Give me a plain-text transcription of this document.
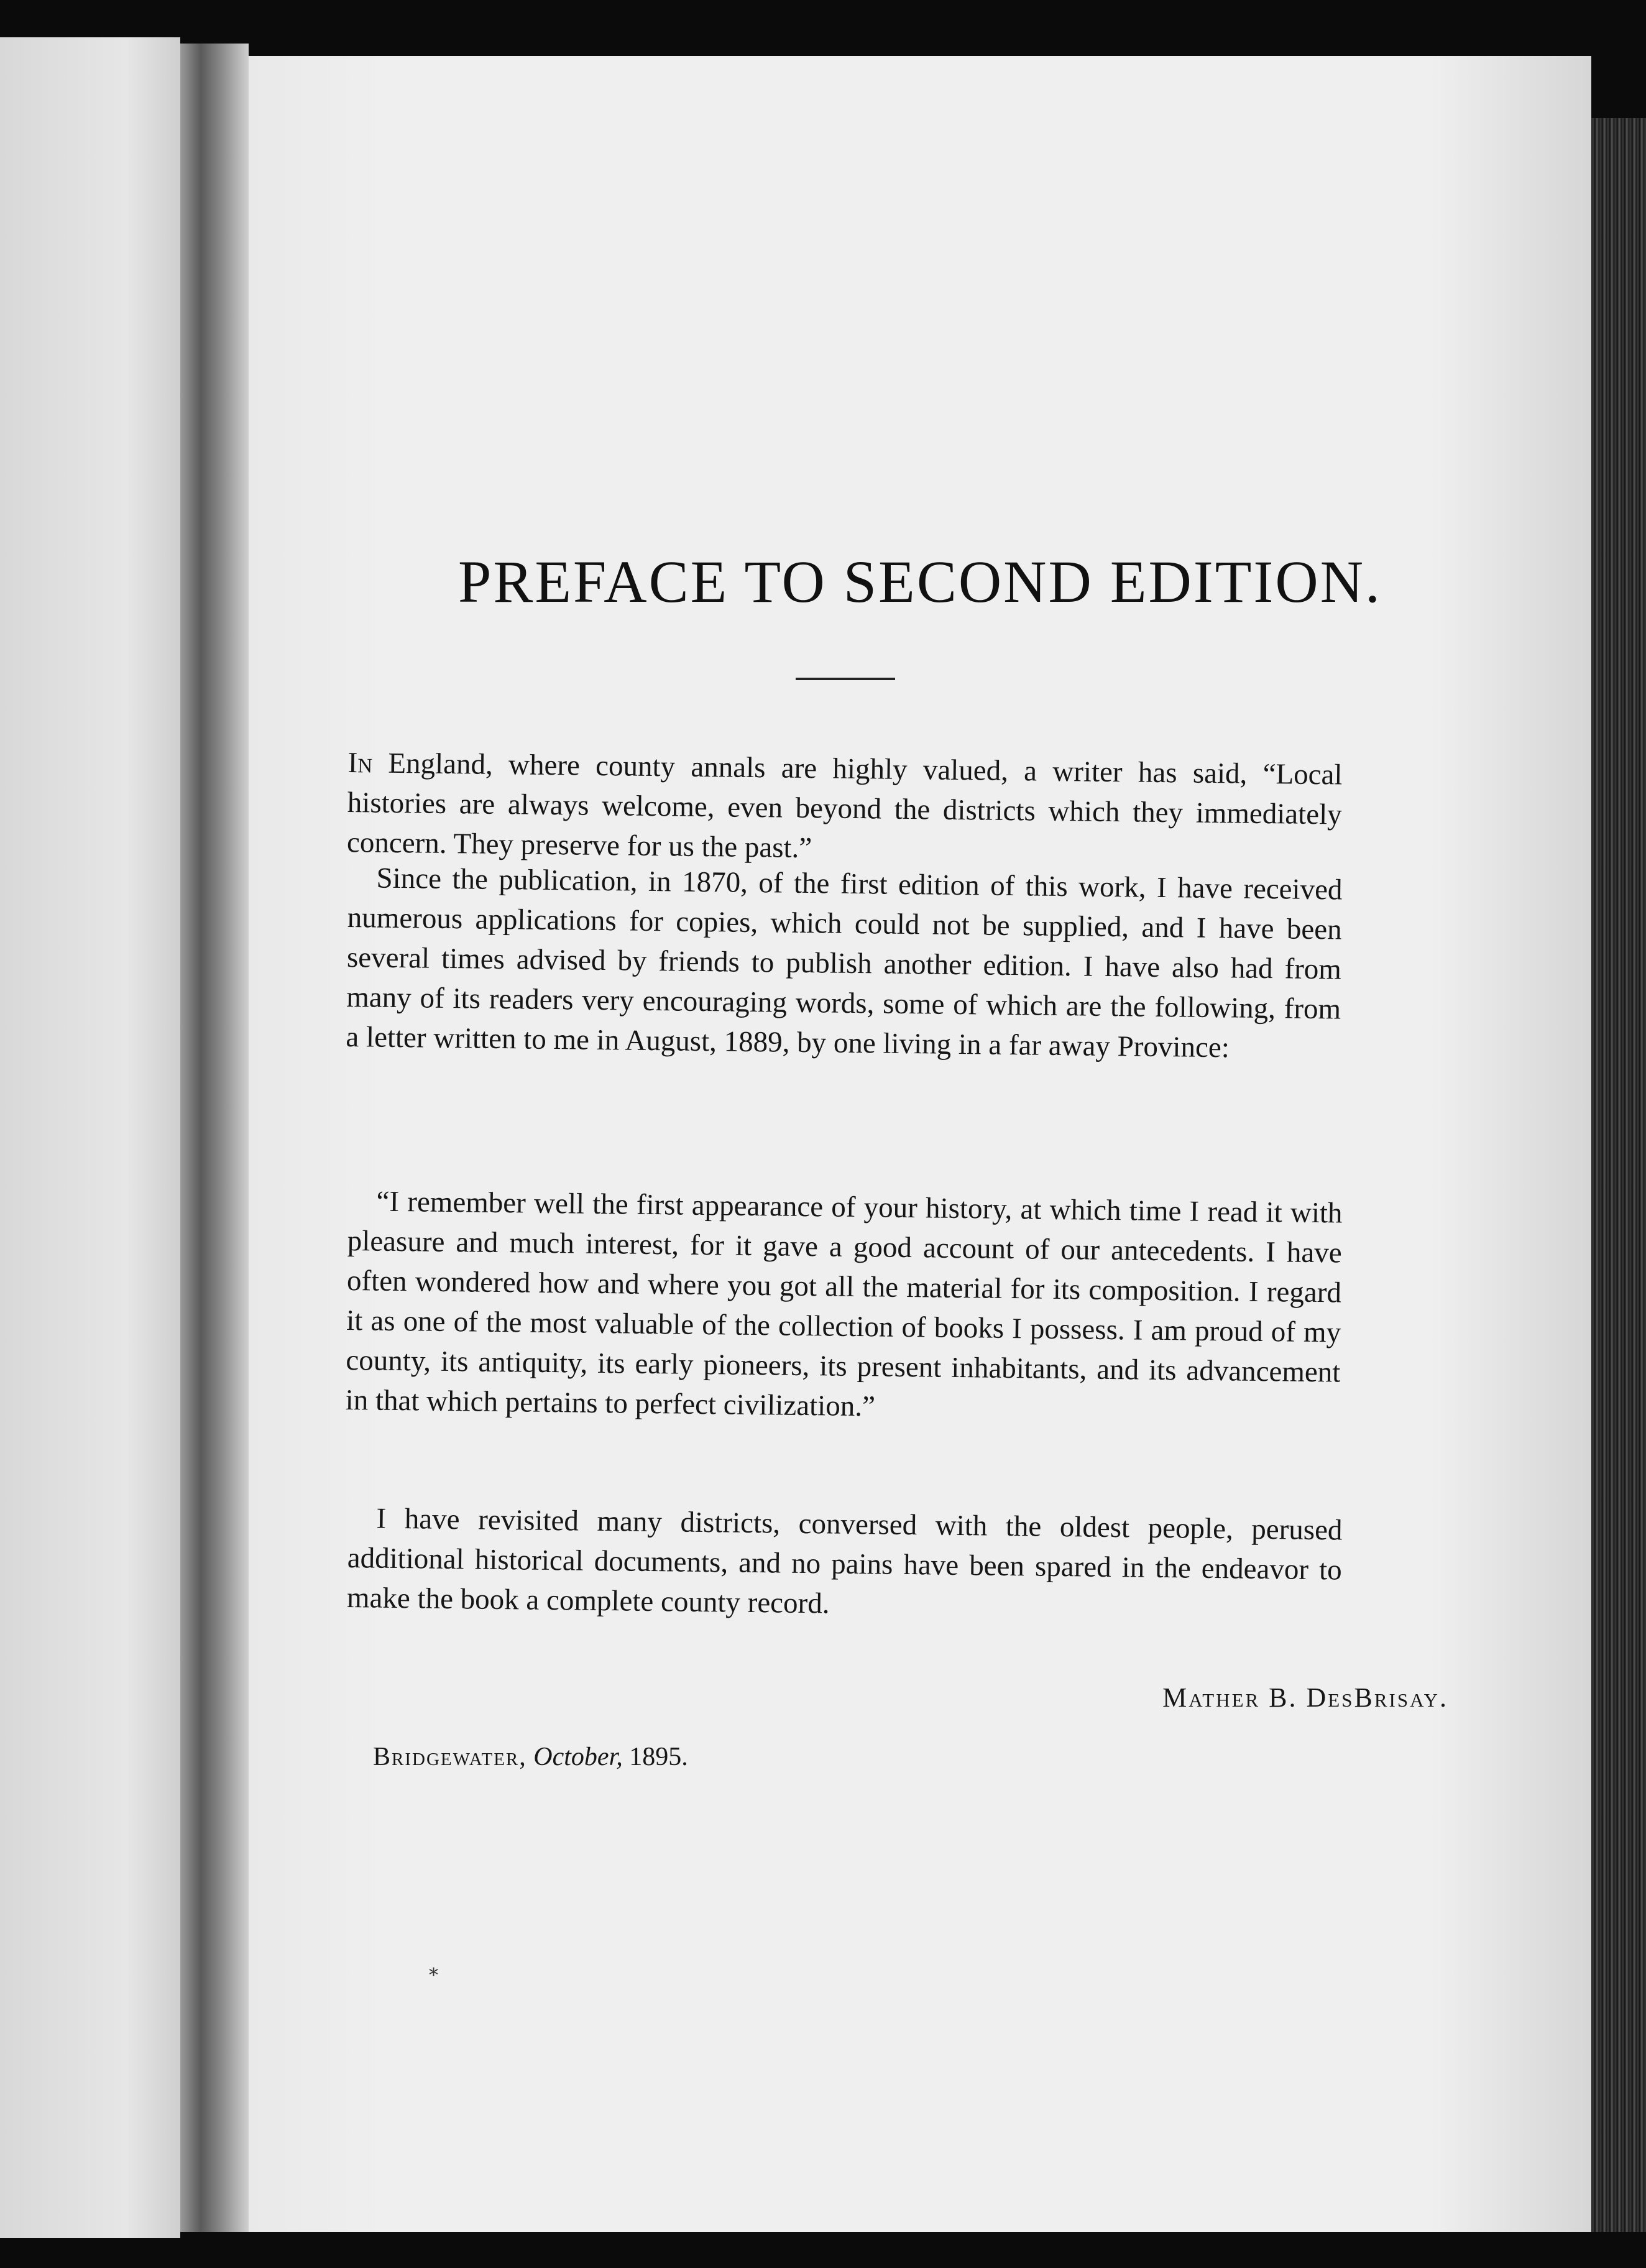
PREFACE TO SECOND EDITION.
In England, where county annals are highly valued, a writer has said, “Local histories are always welcome, even beyond the districts which they immediately concern. They preserve for us the past.”
Since the publication, in 1870, of the first edition of this work, I have received numerous applications for copies, which could not be supplied, and I have been several times advised by friends to publish another edition. I have also had from many of its readers very encouraging words, some of which are the following, from a letter written to me in August, 1889, by one living in a far away Province:
“I remember well the first appearance of your history, at which time I read it with pleasure and much interest, for it gave a good account of our antecedents. I have often wondered how and where you got all the material for its composition. I regard it as one of the most valuable of the collection of books I possess. I am proud of my county, its antiquity, its early pioneers, its present inhabitants, and its advancement in that which pertains to perfect civilization.”
I have revisited many districts, conversed with the oldest people, perused additional historical documents, and no pains have been spared in the endeavor to make the book a complete county record.
Mather B. DesBrisay.
Bridgewater, October, 1895.
*
